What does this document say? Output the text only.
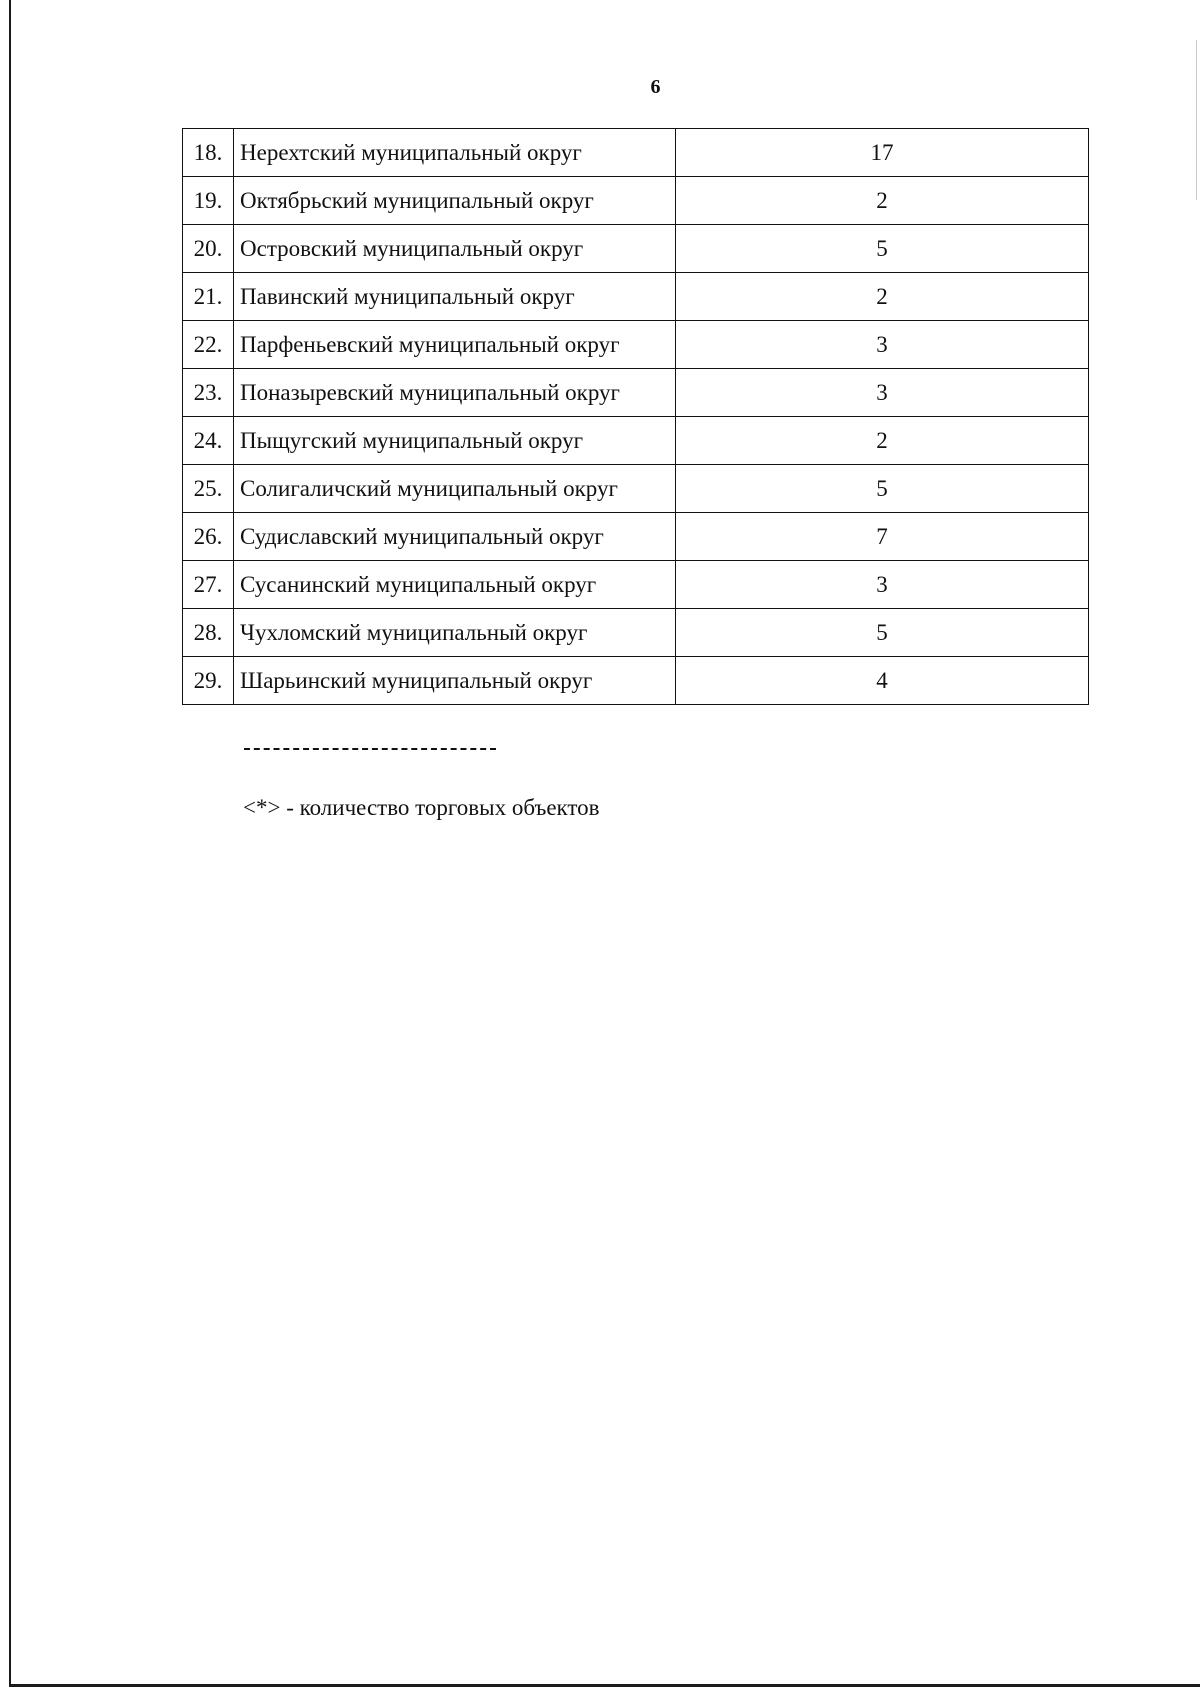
6
18.	Нерехтский муниципальный округ	17
19.	Октябрьский муниципальный округ	2
20.	Островский муниципальный округ	5
21.	Павинский муниципальный округ	2
22.	Парфеньевский муниципальный округ	3
23.	Поназыревский муниципальный округ	3
24.	Пыщугский муниципальный округ	2
25.	Солигаличский муниципальный округ	5
26.	Судиславский муниципальный округ	7
27.	Сусанинский муниципальный округ	3
28.	Чухломский муниципальный округ	5
29.	Шарьинский муниципальный округ	4
<*> - количество торговых объектов
